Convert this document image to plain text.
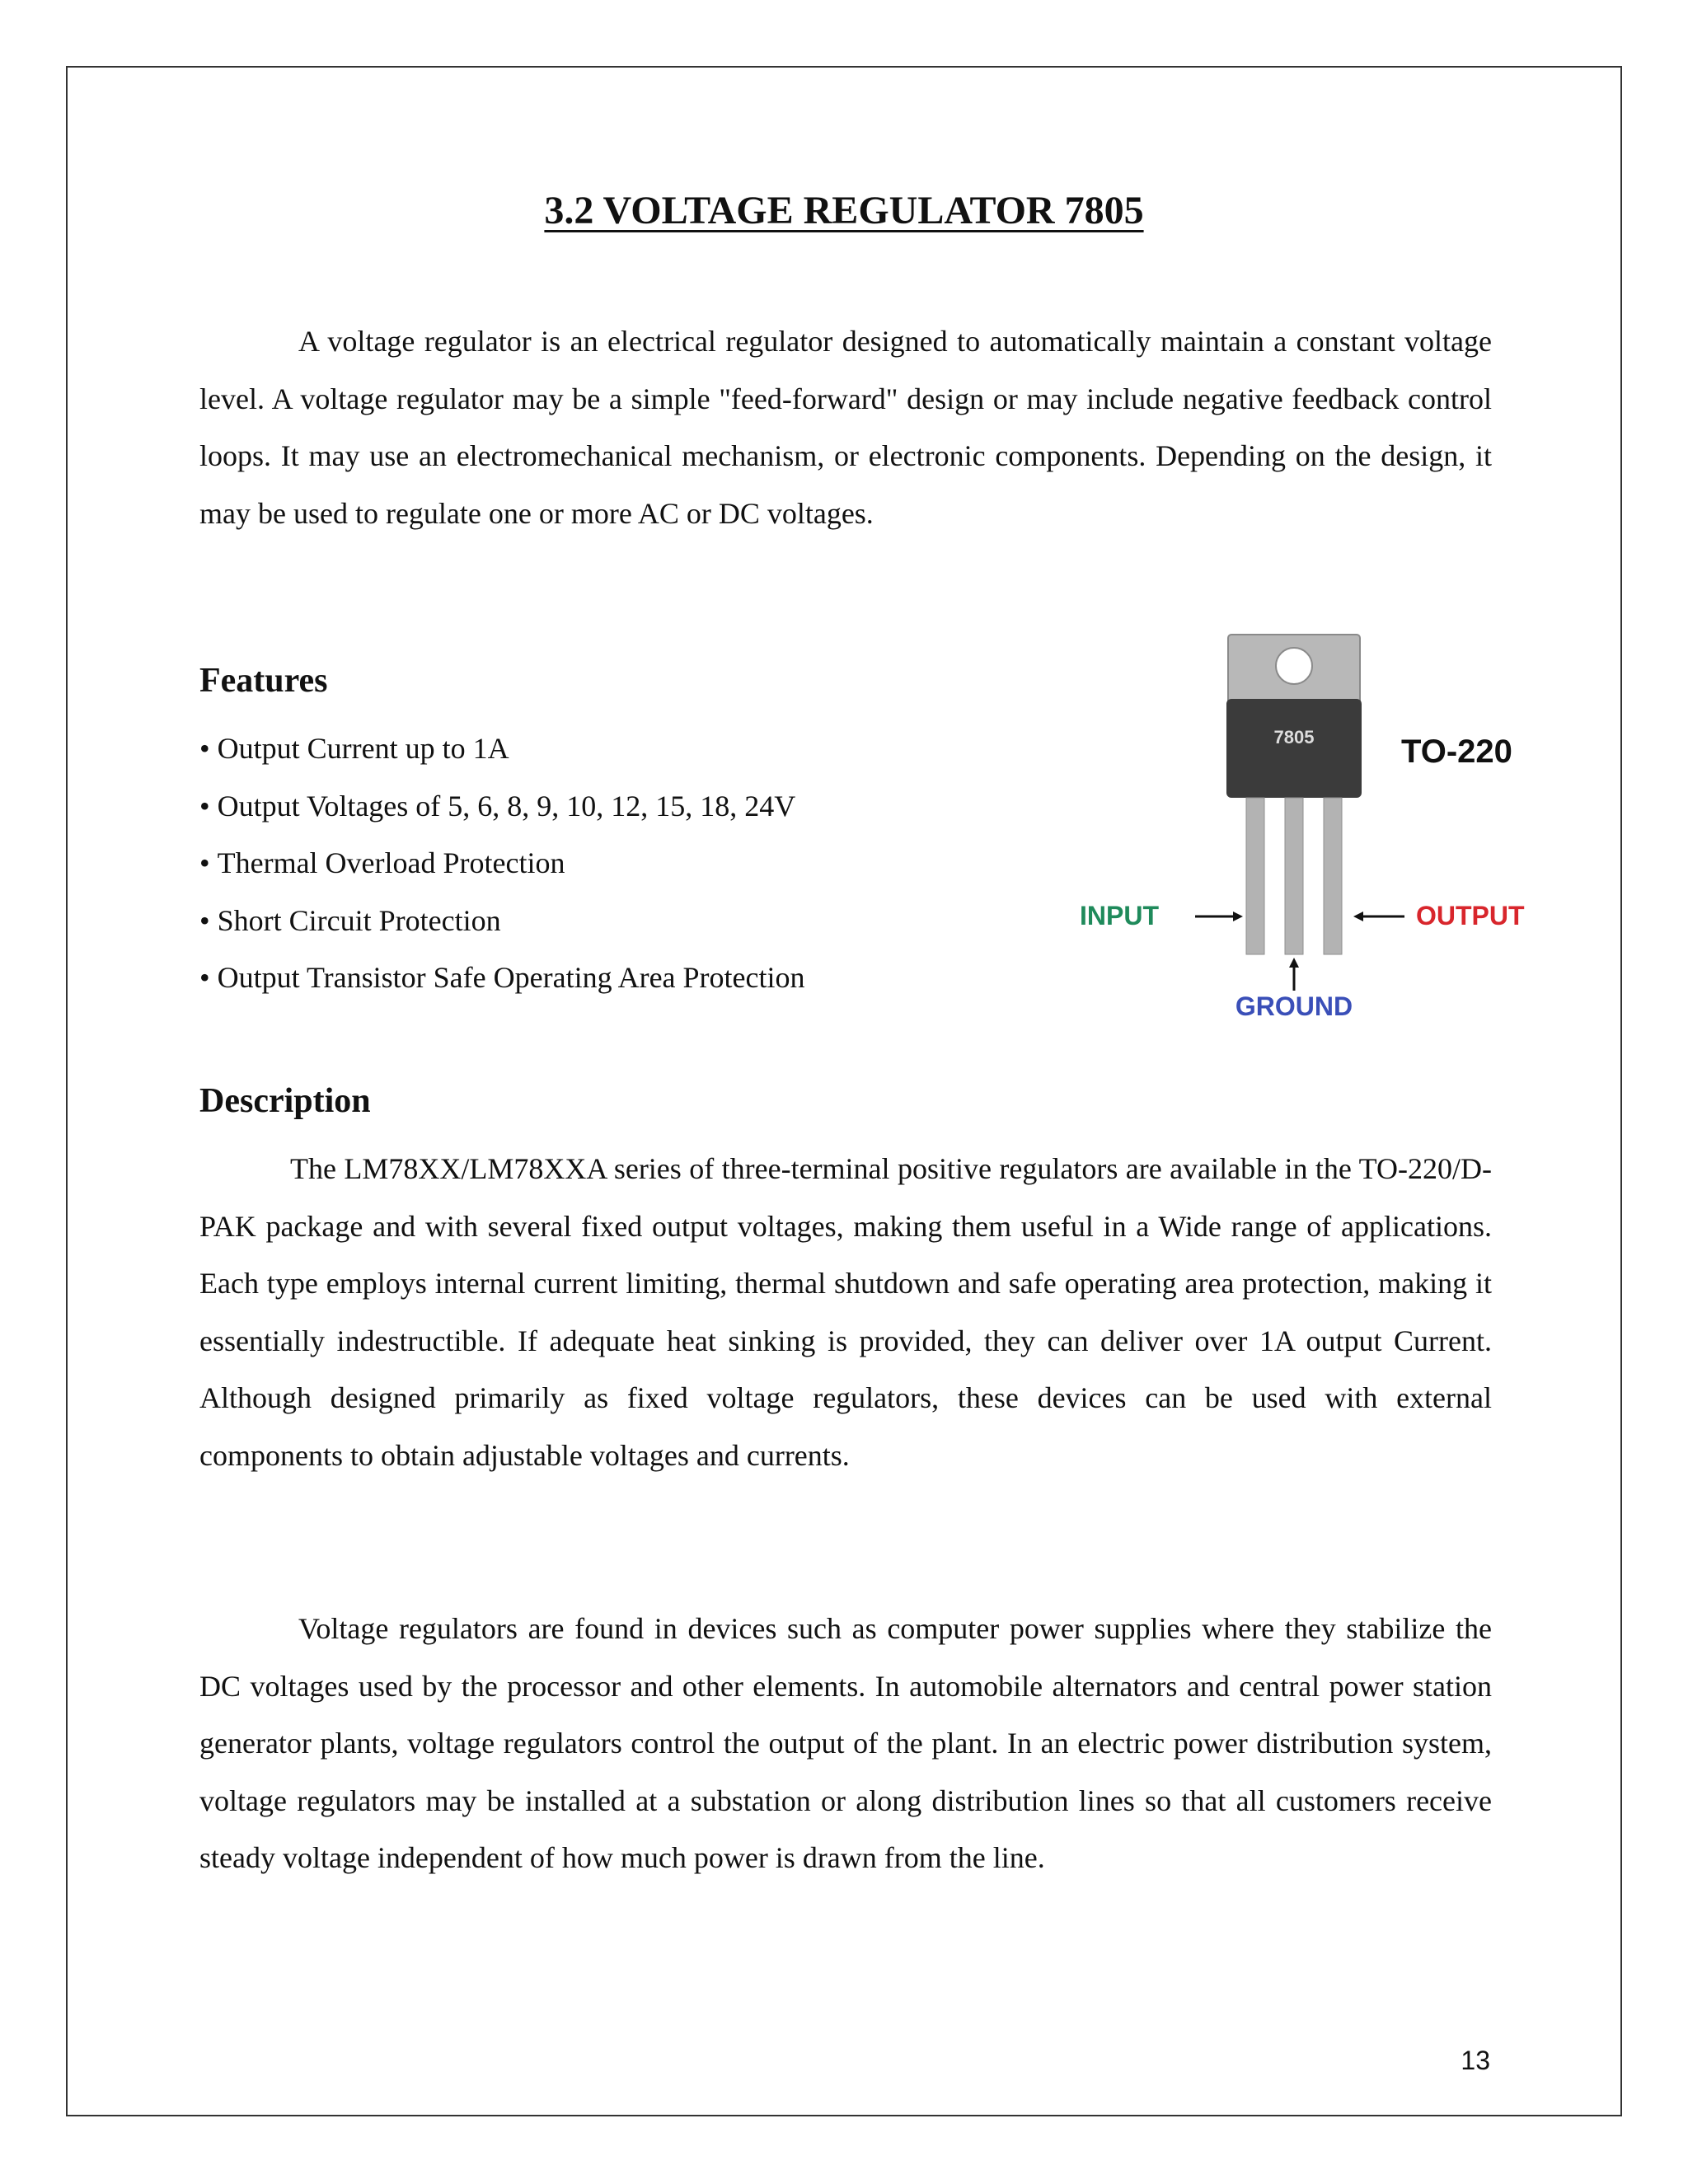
3.2 VOLTAGE REGULATOR 7805

A voltage regulator is an electrical regulator designed to automatically maintain a constant voltage level. A voltage regulator may be a simple "feed-forward" design or may include negative feedback control loops. It may use an electromechanical mechanism, or electronic components. Depending on the design, it may be used to regulate one or more AC or DC voltages.

Features
• Output Current up to 1A
• Output Voltages of 5, 6, 8, 9, 10, 12, 15, 18, 24V
• Thermal Overload Protection
• Short Circuit Protection
• Output Transistor Safe Operating Area Protection
7805	TO-220
INPUT	OUTPUT
GROUND
Description

The LM78XX/LM78XXA series of three-terminal positive regulators are available in the TO-220/D-PAK package and with several fixed output voltages, making them useful in a Wide range of applications. Each type employs internal current limiting, thermal shutdown and safe operating area protection, making it essentially indestructible. If adequate heat sinking is provided, they can deliver over 1A output Current. Although designed primarily as fixed voltage regulators, these devices can be used with external components to obtain adjustable voltages and currents.

Voltage regulators are found in devices such as computer power supplies where they stabilize the DC voltages used by the processor and other elements. In automobile alternators and central power station generator plants, voltage regulators control the output of the plant. In an electric power distribution system, voltage regulators may be installed at a substation or along distribution lines so that all customers receive steady voltage independent of how much power is drawn from the line.

13
